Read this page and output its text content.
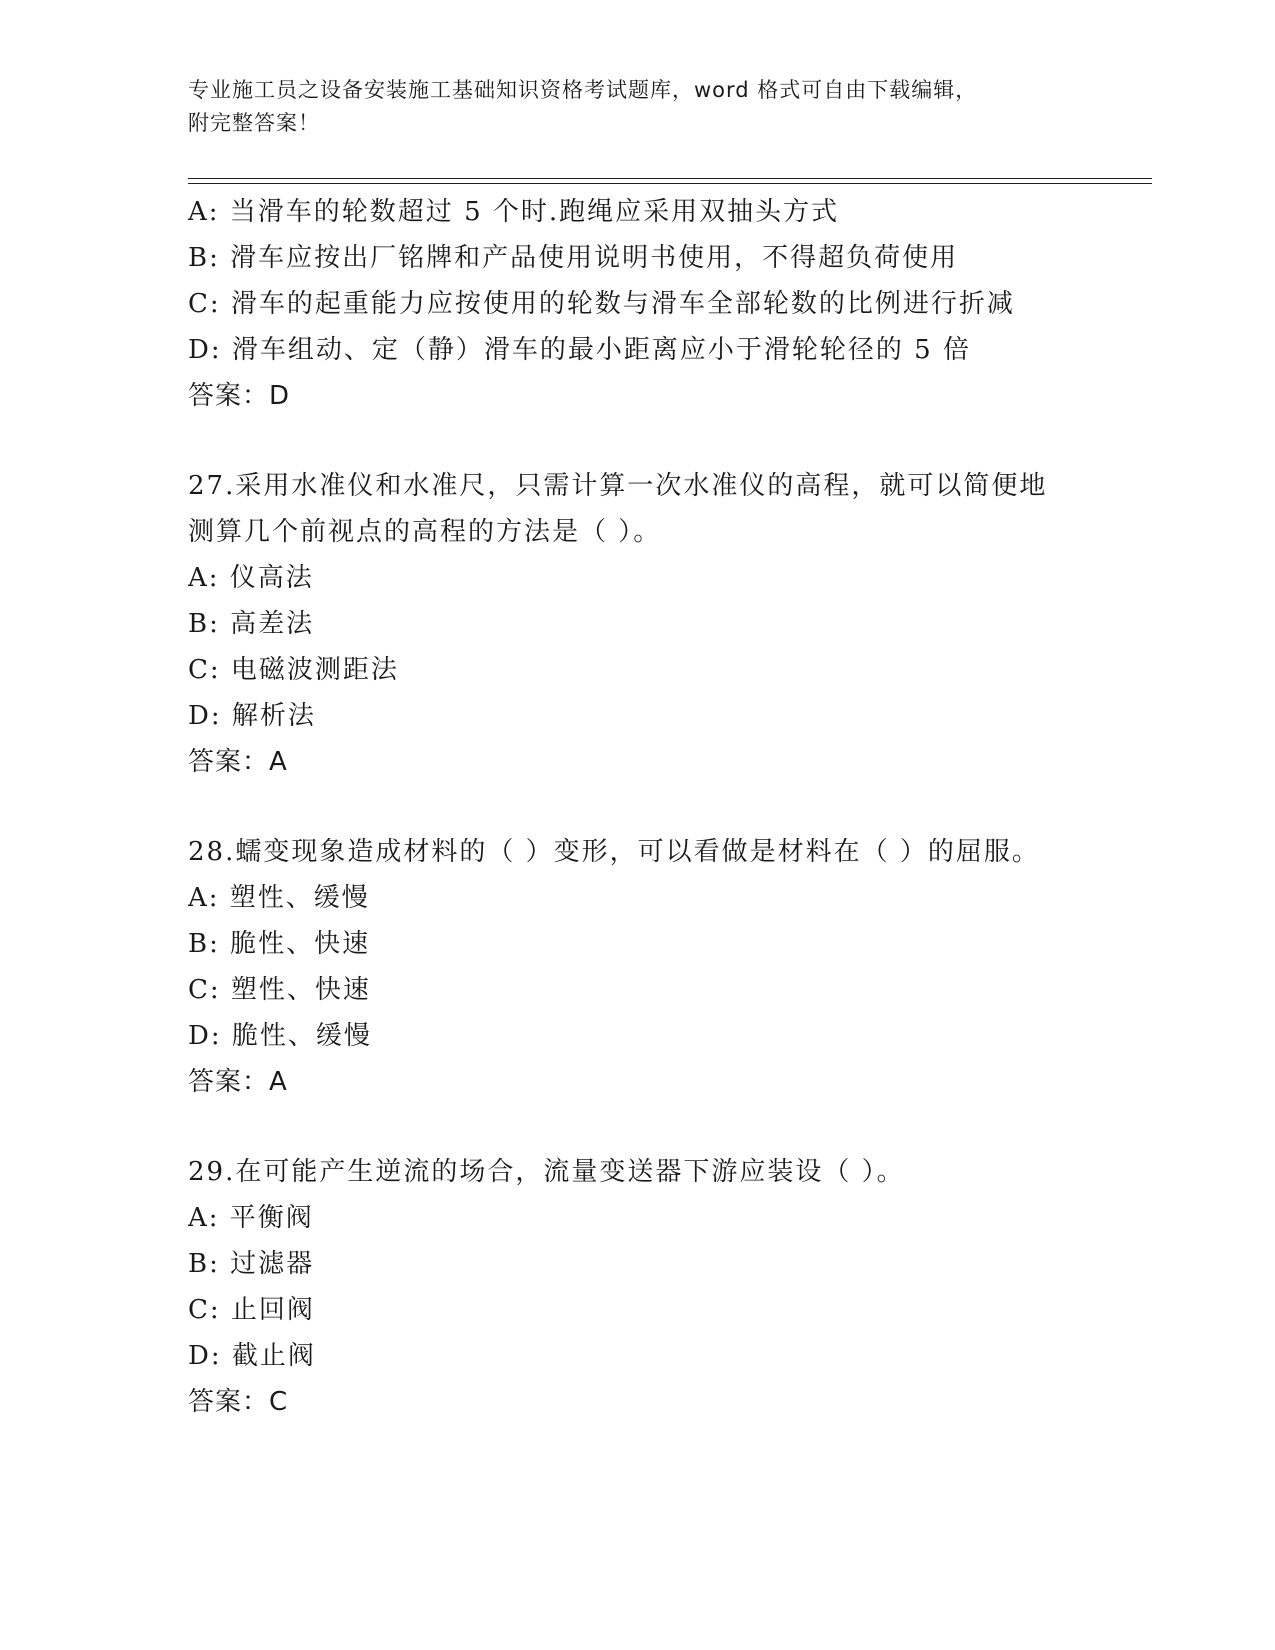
专业施工员之设备安装施工基础知识资格考试题库，word 格式可自由下载编辑，
附完整答案！
A: 当滑车的轮数超过 5 个时.跑绳应采用双抽头方式
B: 滑车应按出厂铭牌和产品使用说明书使用，不得超负荷使用
C: 滑车的起重能力应按使用的轮数与滑车全部轮数的比例进行折减
D: 滑车组动、定（静）滑车的最小距离应小于滑轮轮径的 5 倍
答案：D
27.采用水准仪和水准尺，只需计算一次水准仪的高程，就可以简便地
测算几个前视点的高程的方法是（ ）。
A: 仪高法
B: 高差法
C: 电磁波测距法
D: 解析法
答案：A
28.蠕变现象造成材料的（ ）变形，可以看做是材料在（ ）的屈服。
A: 塑性、缓慢
B: 脆性、快速
C: 塑性、快速
D: 脆性、缓慢
答案：A
29.在可能产生逆流的场合，流量变送器下游应装设（ ）。
A: 平衡阀
B: 过滤器
C: 止回阀
D: 截止阀
答案：C
